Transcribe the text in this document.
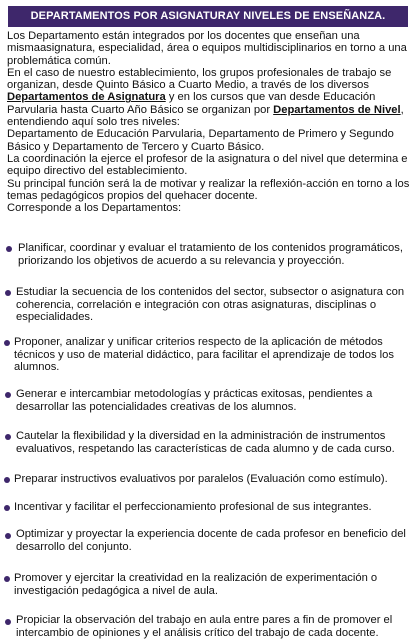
DEPARTAMENTOS POR ASIGNATURAY NIVELES DE ENSEÑANZA.

Los Departamento están integrados por los docentes que enseñan una mismaasignatura, especialidad, área o equipos multidisciplinarios en torno a una problemática común.

En el caso de nuestro establecimiento, los grupos profesionales de trabajo se organizan, desde Quinto Básico a Cuarto Medio, a través de los diversos Departamentos de Asignatura y en los cursos que van desde Educación Parvularia hasta Cuarto Año Básico se organizan por Departamentos de Nivel, entendiendo aquí solo tres niveles:

Departamento de Educación Parvularia, Departamento de Primero y Segundo Básico y Departamento de Tercero y Cuarto Básico.

La coordinación la ejerce el profesor de la asignatura o del nivel que determina e equipo directivo del establecimiento.

Su principal función será la de motivar y realizar la reflexión-acción en torno a los temas pedagógicos propios del quehacer docente.

Corresponde a los Departamentos:

Planificar, coordinar y evaluar el tratamiento de los contenidos programáticos, priorizando los objetivos de acuerdo a su relevancia y proyección.
Estudiar la secuencia de los contenidos del sector, subsector o asignatura con coherencia, correlación e integración con otras asignaturas, disciplinas o especialidades.
Proponer, analizar y unificar criterios respecto de la aplicación de métodos técnicos y uso de material didáctico, para facilitar el aprendizaje de todos los alumnos.
Generar e intercambiar metodologías y prácticas exitosas, pendientes a desarrollar las potencialidades creativas de los alumnos.
Cautelar la flexibilidad y la diversidad en la administración de instrumentos evaluativos, respetando las características de cada alumno y de cada curso.
Preparar instructivos evaluativos por paralelos (Evaluación como estímulo).
Incentivar y facilitar el perfeccionamiento profesional de sus integrantes.
Optimizar y proyectar la experiencia docente de cada profesor en beneficio del desarrollo del conjunto.
Promover y ejercitar la creatividad en la realización de experimentación o investigación pedagógica a nivel de aula.
Propiciar la observación del trabajo en aula entre pares a fin de promover el intercambio de opiniones y el análisis crítico del trabajo de cada docente.
